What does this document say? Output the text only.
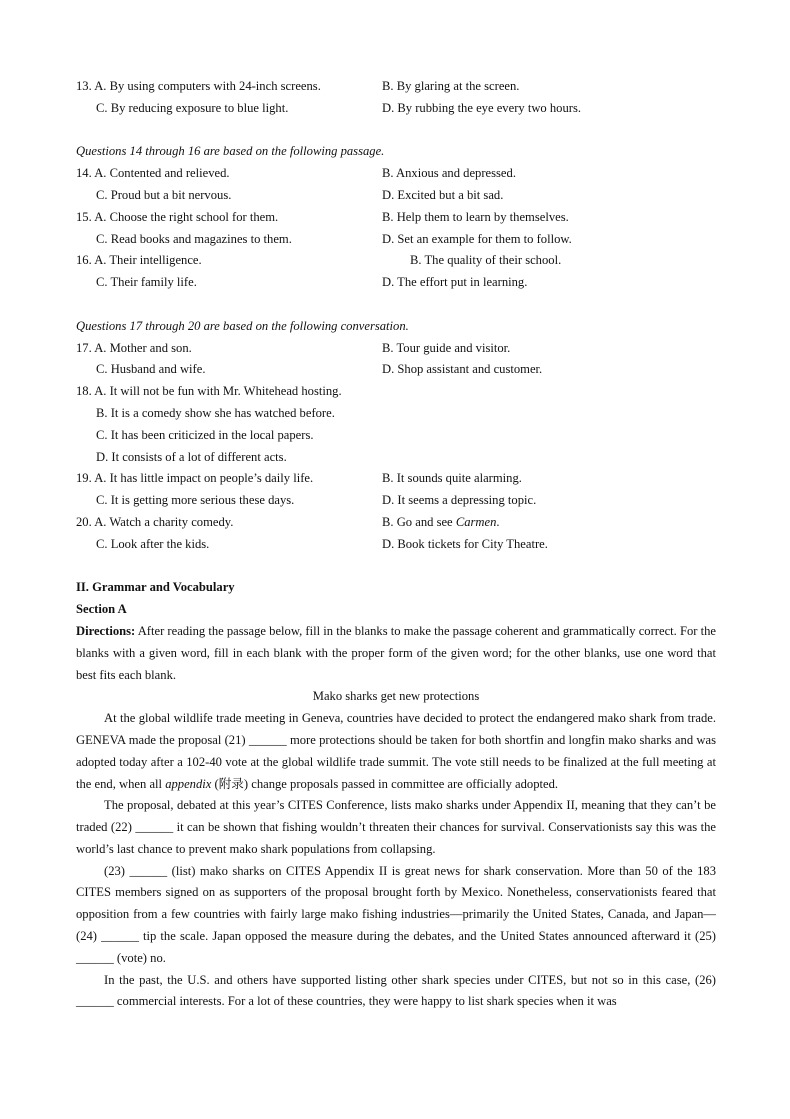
13. A. By using computers with 24-inch screens.	B. By glaring at the screen.
C. By reducing exposure to blue light.	D. By rubbing the eye every two hours.
Questions 14 through 16 are based on the following passage.
14. A. Contented and relieved.	B. Anxious and depressed.
C. Proud but a bit nervous.	D. Excited but a bit sad.
15. A. Choose the right school for them.	B. Help them to learn by themselves.
C. Read books and magazines to them.	D. Set an example for them to follow.
16. A. Their intelligence.	B. The quality of their school.
C. Their family life.	D. The effort put in learning.
Questions 17 through 20 are based on the following conversation.
17. A. Mother and son.	B. Tour guide and visitor.
C. Husband and wife.	D. Shop assistant and customer.
18. A. It will not be fun with Mr. Whitehead hosting.
B. It is a comedy show she has watched before.
C. It has been criticized in the local papers.
D. It consists of a lot of different acts.
19. A. It has little impact on people’s daily life.	B. It sounds quite alarming.
C. It is getting more serious these days.	D. It seems a depressing topic.
20. A. Watch a charity comedy.	B. Go and see Carmen.
C. Look after the kids.	D. Book tickets for City Theatre.
II. Grammar and Vocabulary
Section A
Directions: After reading the passage below, fill in the blanks to make the passage coherent and grammatically correct. For the blanks with a given word, fill in each blank with the proper form of the given word; for the other blanks, use one word that best fits each blank.
Mako sharks get new protections
At the global wildlife trade meeting in Geneva, countries have decided to protect the endangered mako shark from trade. GENEVA made the proposal (21) ______ more protections should be taken for both shortfin and longfin mako sharks and was adopted today after a 102-40 vote at the global wildlife trade summit. The vote still needs to be finalized at the full meeting at the end, when all appendix (附录) change proposals passed in committee are officially adopted.
The proposal, debated at this year’s CITES Conference, lists mako sharks under Appendix II, meaning that they can’t be traded (22) ______ it can be shown that fishing wouldn’t threaten their chances for survival. Conservationists say this was the world’s last chance to prevent mako shark populations from collapsing.
(23) ______ (list) mako sharks on CITES Appendix II is great news for shark conservation. More than 50 of the 183 CITES members signed on as supporters of the proposal brought forth by Mexico. Nonetheless, conservationists feared that opposition from a few countries with fairly large mako fishing industries—primarily the United States, Canada, and Japan—(24) ______ tip the scale. Japan opposed the measure during the debates, and the United States announced afterward it (25) ______ (vote) no.
In the past, the U.S. and others have supported listing other shark species under CITES, but not so in this case, (26) ______ commercial interests. For a lot of these countries, they were happy to list shark species when it was
